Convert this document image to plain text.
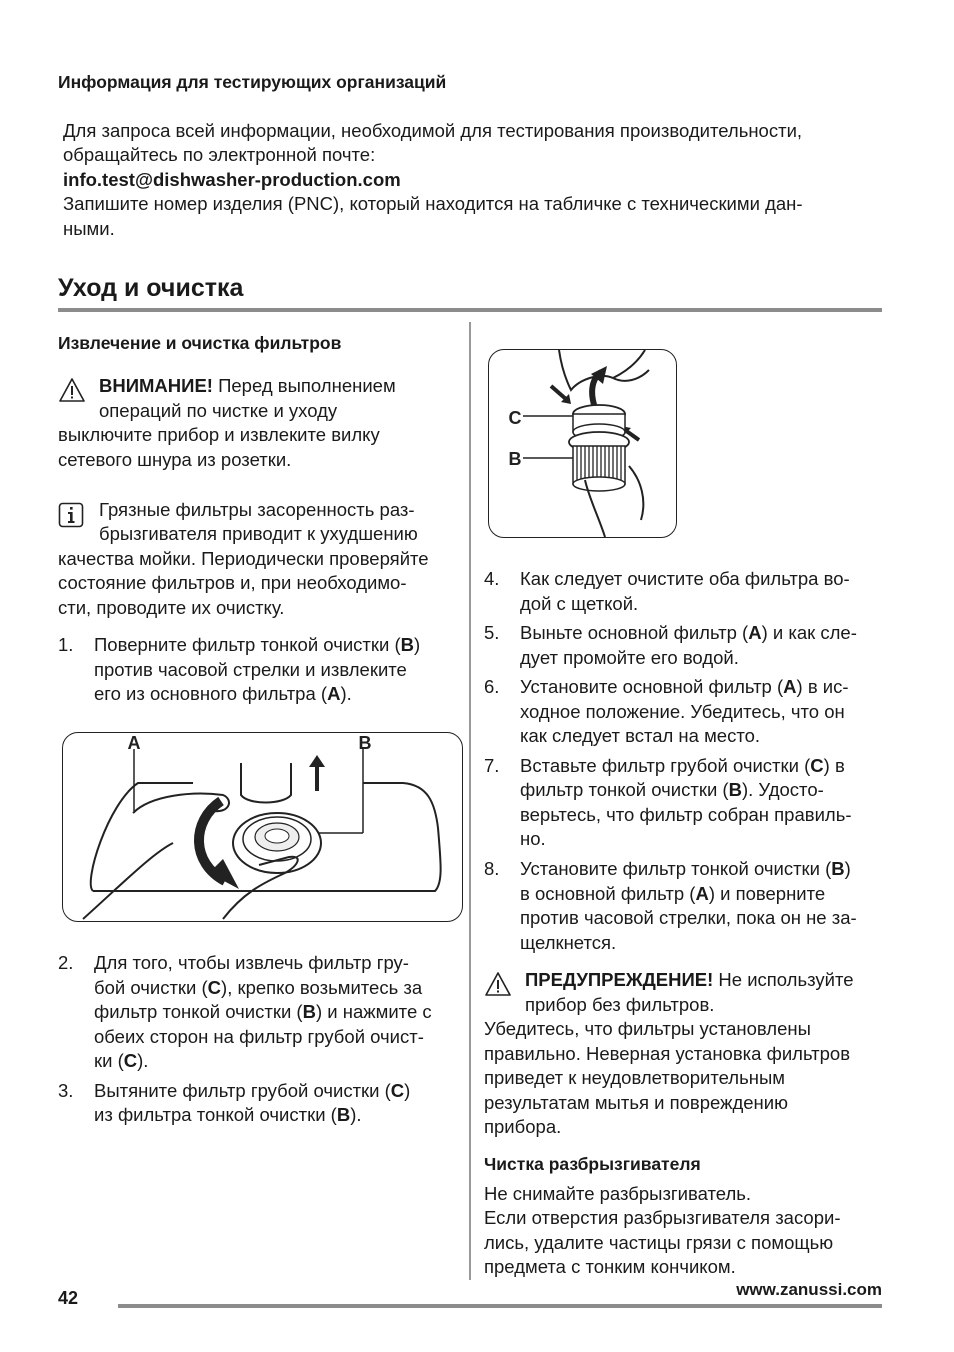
Информация для тестирующих организаций
Для запроса всей информации, необходимой для тестирования производительности,
обращайтесь по электронной почте:
info.test@dishwasher-production.com
Запишите номер изделия (PNC), который находится на табличке с техническими дан-
ными.
Уход и очистка
Извлечение и очистка фильтров
ВНИМАНИЕ! Перед выполнением
операций по чистке и уходу
выключите прибор и извлеките вилку
сетевого шнура из розетки.
Грязные фильтры засоренность раз-
брызгивателя приводит к ухудшению
качества мойки. Периодически проверяйте
состояние фильтров и, при необходимо-
сти, проводите их очистку.
1. Поверните фильтр тонкой очистки (B)
против часовой стрелки и извлеките
его из основного фильтра (A).
A	B
2. Для того, чтобы извлечь фильтр гру-
бой очистки (C), крепко возьмитесь за
фильтр тонкой очистки (B) и нажмите с
обеих сторон на фильтр грубой очист-
ки (C).
3. Вытяните фильтр грубой очистки (C)
из фильтра тонкой очистки (B).
C
B
4. Как следует очистите оба фильтра во-
дой с щеткой.
5. Выньте основной фильтр (A) и как сле-
дует промойте его водой.
6. Установите основной фильтр (A) в ис-
ходное положение. Убедитесь, что он
как следует встал на место.
7. Вставьте фильтр грубой очистки (C) в
фильтр тонкой очистки (B). Удосто-
верьтесь, что фильтр собран правиль-
но.
8. Установите фильтр тонкой очистки (B)
в основной фильтр (A) и поверните
против часовой стрелки, пока он не за-
щелкнется.
ПРЕДУПРЕЖДЕНИЕ! Не используйте
прибор без фильтров.
Убедитесь, что фильтры установлены
правильно. Неверная установка фильтров
приведет к неудовлетворительным
результатам мытья и повреждению
прибора.
Чистка разбрызгивателя
Не снимайте разбрызгиватель.
Если отверстия разбрызгивателя засори-
лись, удалите частицы грязи с помощью
предмета с тонким кончиком.
42	www.zanussi.com
